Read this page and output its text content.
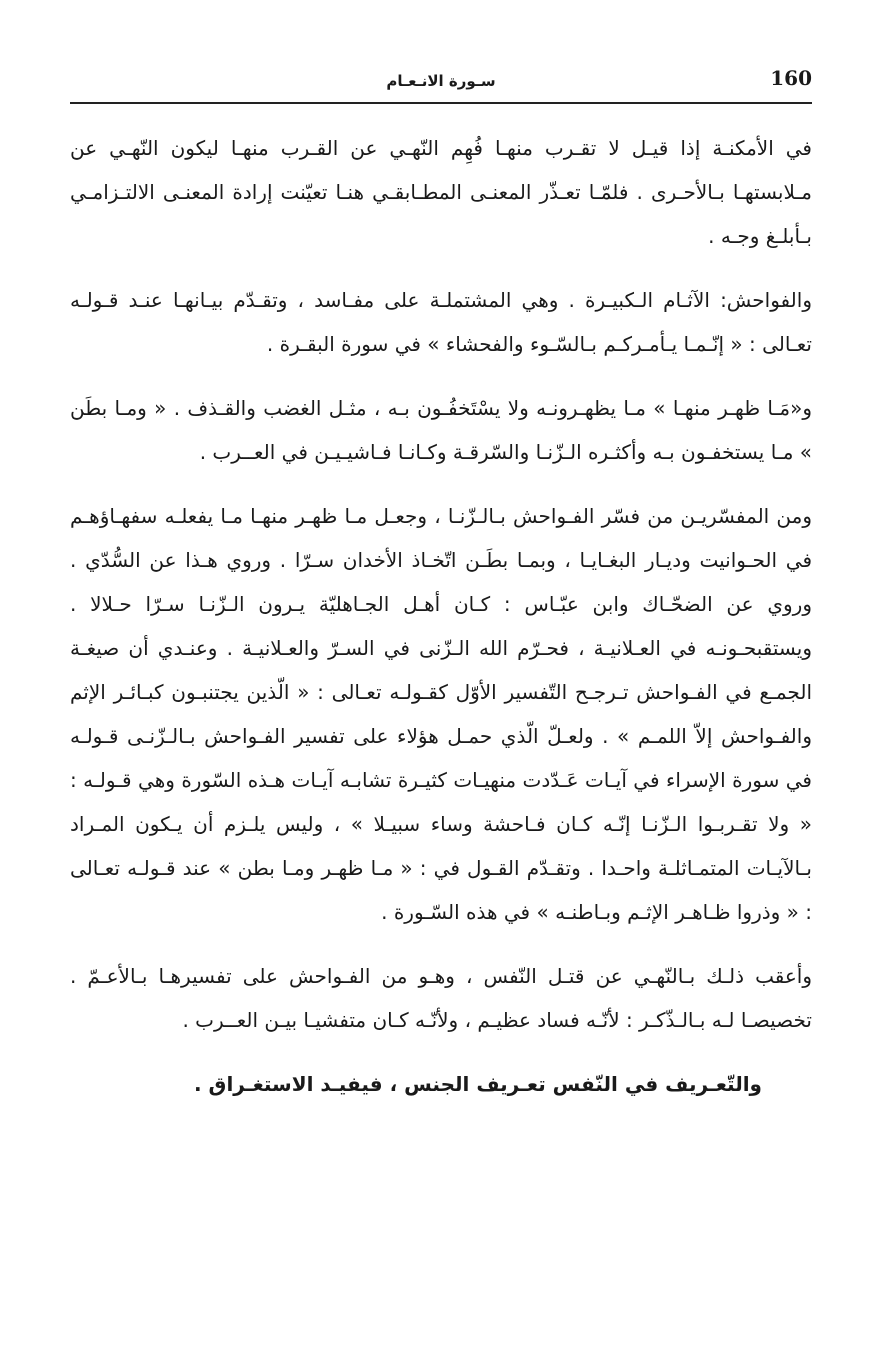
160
سـورة الانـعـام

في الأمكنـة إذا قيـل لا تقـرب منهـا فُهِم النّهـي عن القـرب منهـا ليكون النّهـي عن مـلابستهـا بـالأحـرى . فلمّـا تعـذّر المعنـى المطـابقـي هنـا تعيّنت إرادة المعنـى الالتـزامـي بـأبلـغ وجـه .

والفواحش: الآثـام الـكبيـرة . وهي المشتملـة على مفـاسد ، وتقـدّم بيـانهـا عنـد قـولـه تعـالى : « إنّـمـا يـأمـركـم بـالسّـوء والفحشاء » في سورة البقـرة .

و«مَـا ظهـر منهـا » مـا يظهـرونـه ولا يسْتَخفُـون بـه ، مثـل الغضب والقـذف . « ومـا بطَن » مـا يستخفـون بـه وأكثـره الـزّنـا والسّرقـة وكـانـا فـاشيـيـن في العــرب .

ومن المفسّريـن من فسّر الفـواحش بـالـزّنـا ، وجعـل مـا ظهـر منهـا مـا يفعلـه سفهـاؤهـم في الحـوانيت وديـار البغـايـا ، وبمـا بطَـن اتّخـاذ الأخدان سـرّا . وروي هـذا عن السُّدّي . وروي عن الضحّـاك وابن عبّـاس : كـان أهـل الجـاهليّة يـرون الـزّنـا سـرّا حـلالا . ويستقبحـونـه في العـلانيـة ، فحـرّم الله الـزّنى في السـرّ والعـلانيـة . وعنـدي أن صيغـة الجمـع في الفـواحش تـرجـح التّفسير الأوّل كقـولـه تعـالى : « الّذين يجتنبـون كبـائـر الإثم والفـواحش إلاّ اللمـم » . ولعـلّ الّذي حمـل هؤلاء على تفسير الفـواحش بـالـزّنـى قـولـه في سورة الإسراء في آيـات عَـدّدت منهيـات كثيـرة تشابـه آيـات هـذه السّورة وهي قـولـه : « ولا تقـربـوا الـزّنـا إنّـه كـان فـاحشة وساء سبيـلا » ، وليس يلـزم أن يـكون المـراد بـالآيـات المتمـاثلـة واحـدا . وتقـدّم القـول في : « مـا ظهـر ومـا بطن » عند قـولـه تعـالى : « وذروا ظـاهـر الإثـم وبـاطنـه » في هذه السّـورة .

وأعقب ذلـك بـالنّهـي عن قتـل النّفس ، وهـو من الفـواحش على تفسيرهـا بـالأعـمّ . تخصيصـا لـه بـالـذّكـر : لأنّـه فساد عظيـم ، ولأنّـه كـان متفشيـا بيـن العــرب .

والتّعـريف في النّفس تعـريف الجنس ، فيفيـد الاستغـراق .
